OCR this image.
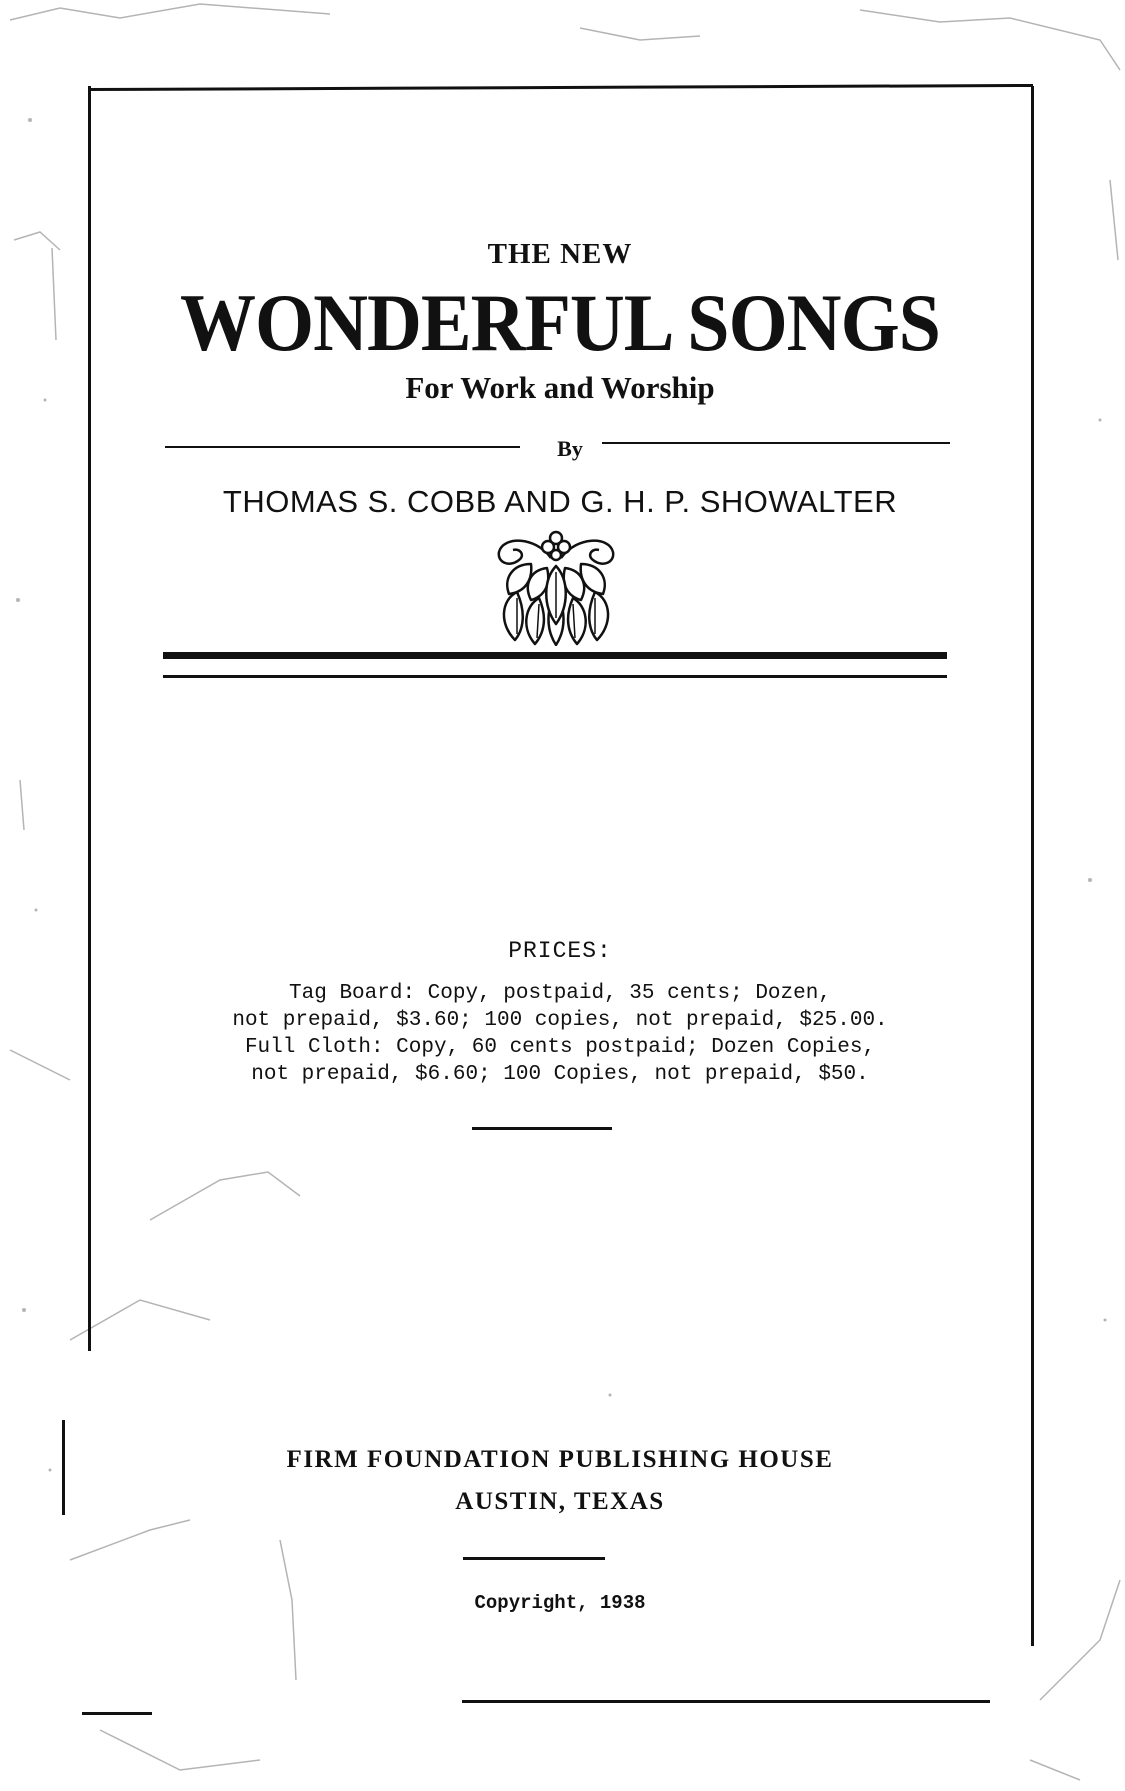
THE NEW
WONDERFUL SONGS
For Work and Worship
By
THOMAS S. COBB AND G. H. P. SHOWALTER
PRICES:
Tag Board: Copy, postpaid, 35 cents; Dozen,
not prepaid, $3.60; 100 copies, not prepaid, $25.00.
Full Cloth: Copy, 60 cents postpaid; Dozen Copies,
not prepaid, $6.60; 100 Copies, not prepaid, $50.
FIRM FOUNDATION PUBLISHING HOUSE
AUSTIN, TEXAS
Copyright, 1938
